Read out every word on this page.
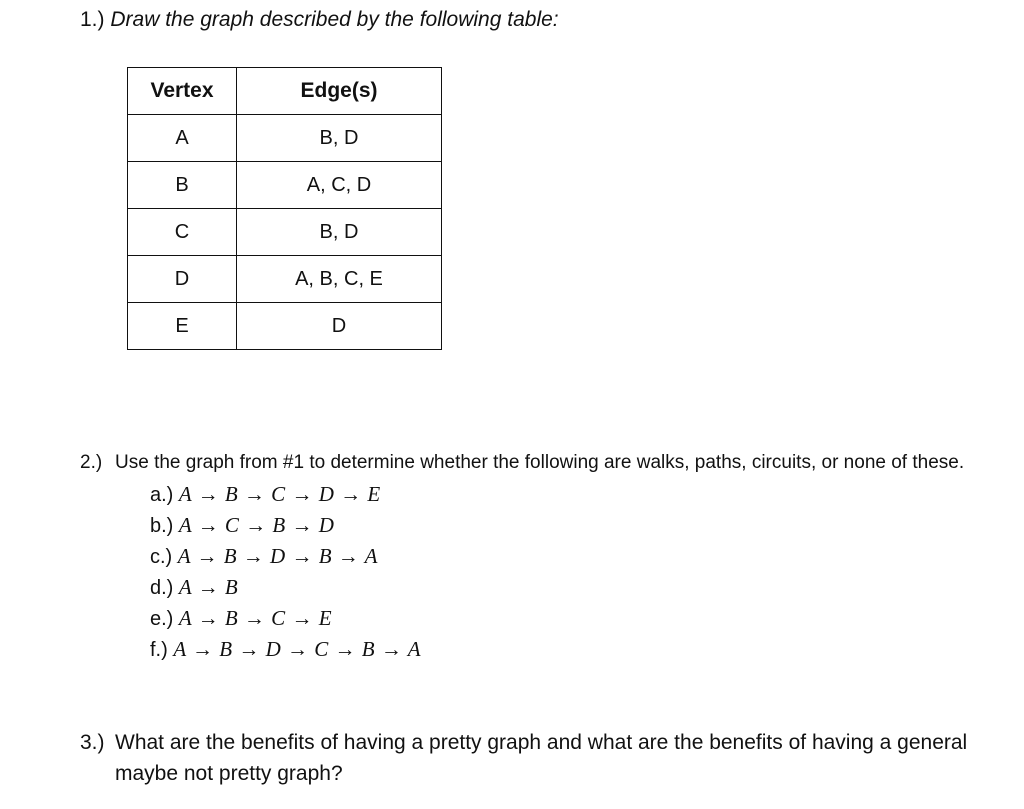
1.) Draw the graph described by the following table:
Vertex	Edge(s)
A	B, D
B	A, C, D
C	B, D
D	A, B, C, E
E	D
2.) Use the graph from #1 to determine whether the following are walks, paths, circuits, or none of these.
a.) A → B → C → D → E
b.) A → C → B → D
c.) A → B → D → B → A
d.) A → B
e.) A → B → C → E
f.) A → B → D → C → B → A
3.) What are the benefits of having a pretty graph and what are the benefits of having a general maybe not pretty graph?
